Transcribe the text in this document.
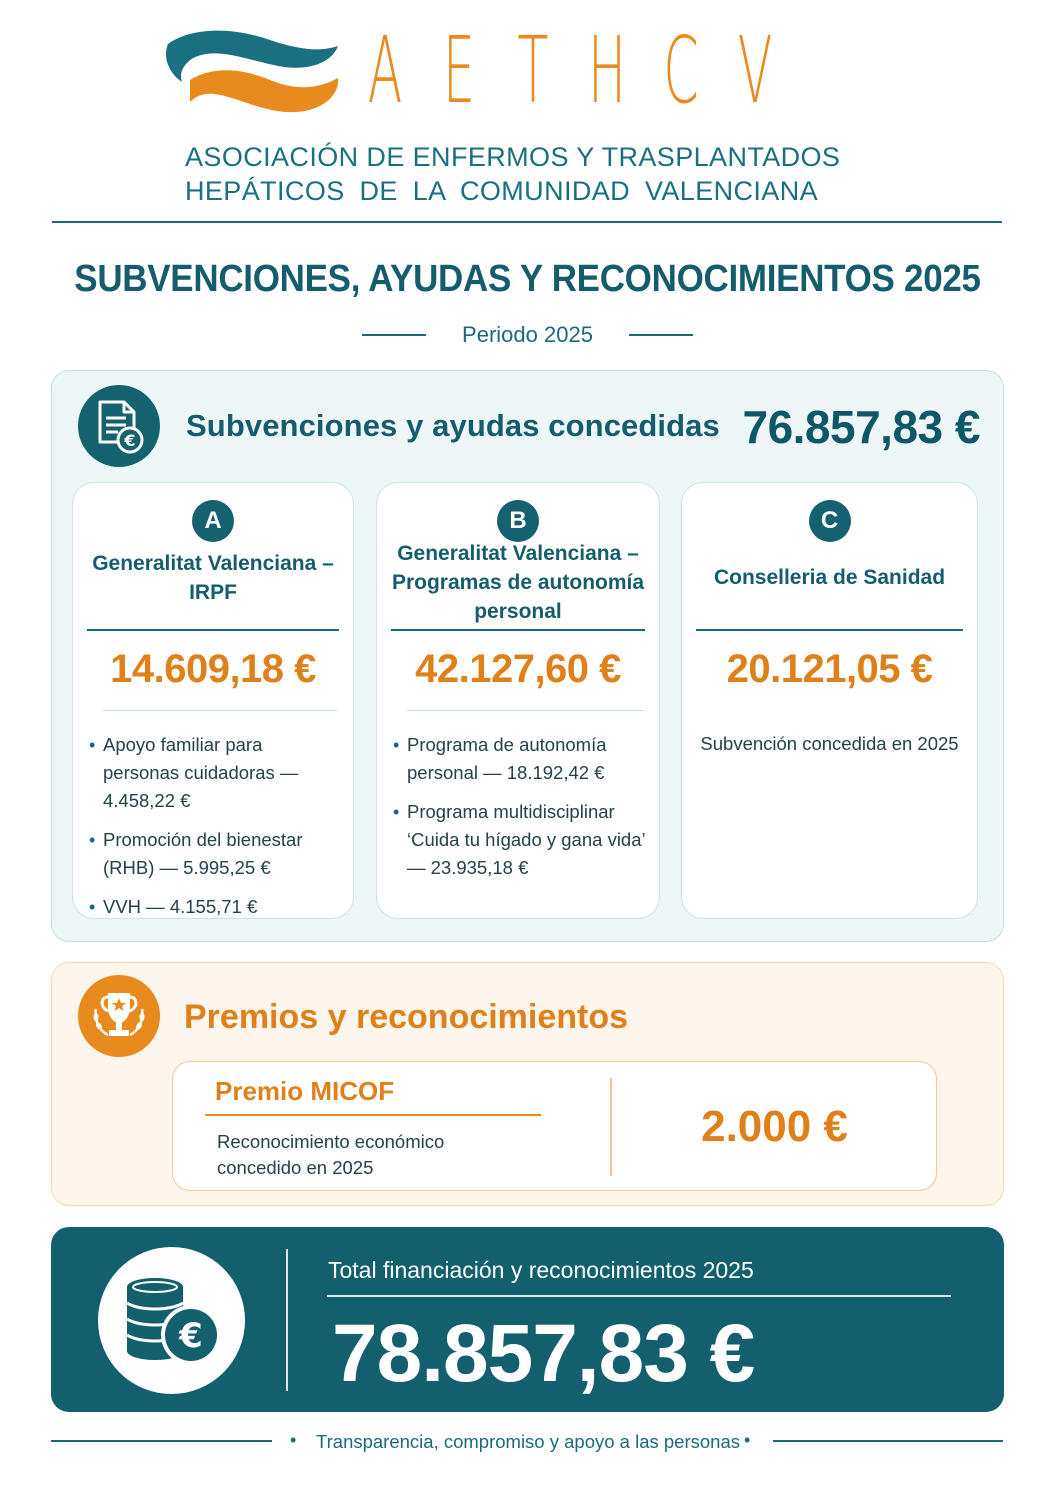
A E T H C V
ASOCIACIÓN DE ENFERMOS Y TRASPLANTADOS
HEPÁTICOS DE LA COMUNIDAD VALENCIANA
SUBVENCIONES, AYUDAS Y RECONOCIMIENTOS 2025
Periodo 2025
€ Subvenciones y ayudas concedidas 76.857,83 €
A
Generalitat Valenciana – IRPF
14.609,18 €
• Apoyo familiar para personas cuidadoras — 4.458,22 €
• Promoción del bienestar (RHB) — 5.995,25 €
• VVH — 4.155,71 €
B
Generalitat Valenciana – Programas de autonomía personal
42.127,60 €
• Programa de autonomía personal — 18.192,42 €
• Programa multidisciplinar ‘Cuida tu hígado y gana vida’ — 23.935,18 €
C
Conselleria de Sanidad
20.121,05 €
Subvención concedida en 2025
Premios y reconocimientos
Premio MICOF
Reconocimiento económico
concedido en 2025
2.000 €
€
Total financiación y reconocimientos 2025
78.857,83 €
• Transparencia, compromiso y apoyo a las personas •
